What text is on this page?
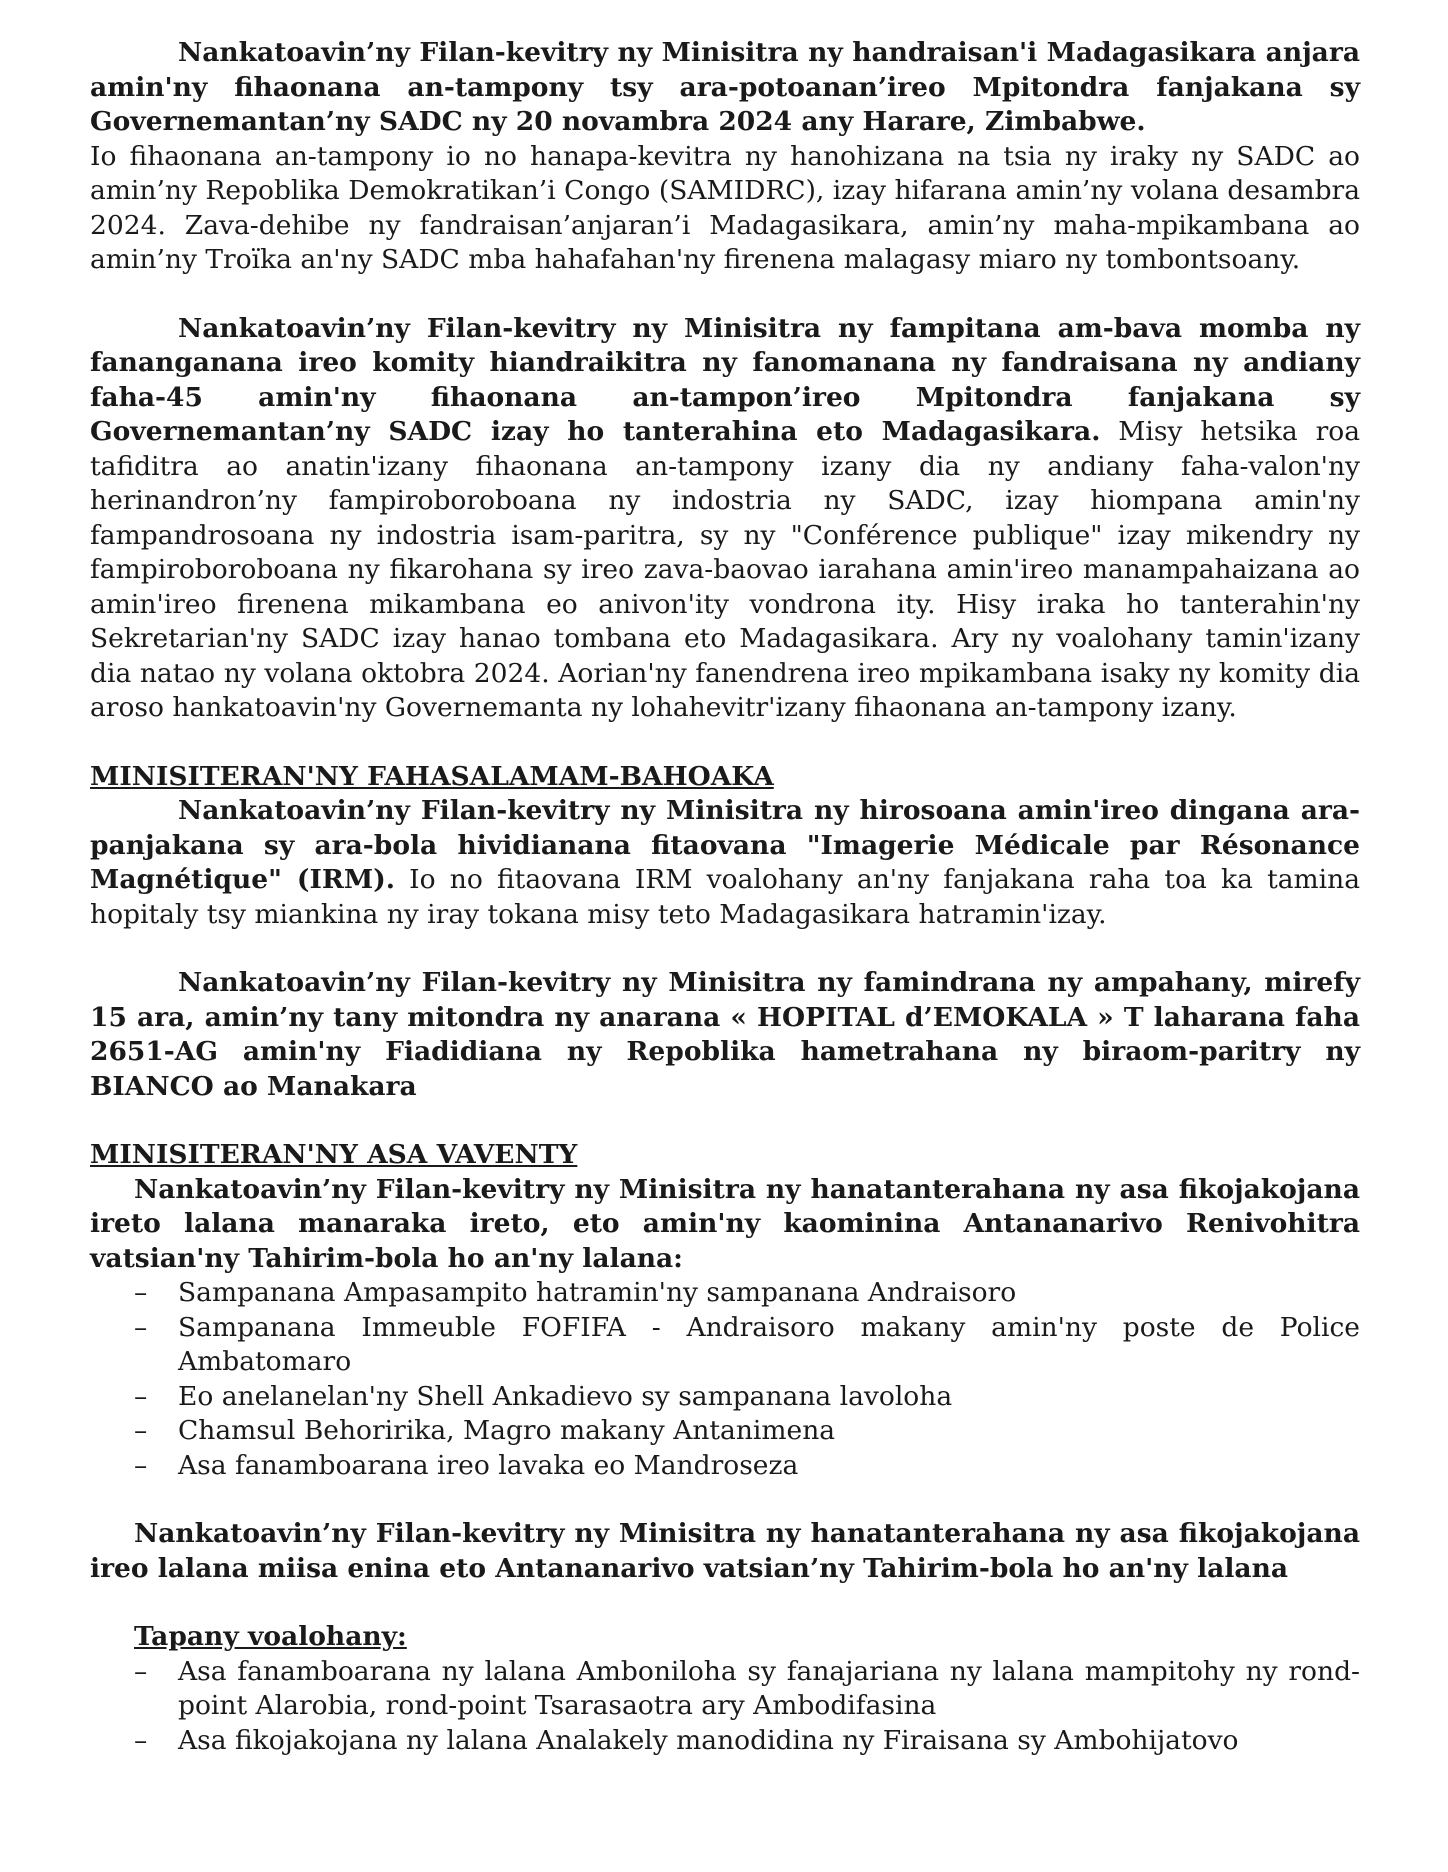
Nankatoavin’ny Filan-kevitry ny Minisitra ny handraisan'i Madagasikara anjara amin'ny fihaonana an-tampony tsy ara-potoanan’ireo Mpitondra fanjakana sy Governemantan’ny SADC ny 20 novambra 2024 any Harare, Zimbabwe.
Io fihaonana an-tampony io no hanapa-kevitra ny hanohizana na tsia ny iraky ny SADC ao amin’ny Repoblika Demokratikan’i Congo (SAMIDRC), izay hifarana amin’ny volana desambra 2024. Zava-dehibe ny fandraisan’anjaran’i Madagasikara, amin’ny maha-mpikambana ao amin’ny Troïka an'ny SADC mba hahafahan'ny firenena malagasy miaro ny tombontsoany.

Nankatoavin’ny Filan-kevitry ny Minisitra ny fampitana am-bava momba ny fananganana ireo komity hiandraikitra ny fanomanana ny fandraisana ny andiany faha-45 amin'ny fihaonana an-tampon’ireo Mpitondra fanjakana sy Governemantan’ny SADC izay ho tanterahina eto Madagasikara. Misy hetsika roa tafiditra ao anatin'izany fihaonana an-tampony izany dia ny andiany faha-valon'ny herinandron’ny fampiroboroboana ny indostria ny SADC, izay hiompana amin'ny fampandrosoana ny indostria isam-paritra, sy ny "Conférence publique" izay mikendry ny fampiroboroboana ny fikarohana sy ireo zava-baovao iarahana amin'ireo manampahaizana ao amin'ireo firenena mikambana eo anivon'ity vondrona ity. Hisy iraka ho tanterahin'ny Sekretarian'ny SADC izay hanao tombana eto Madagasikara. Ary ny voalohany tamin'izany dia natao ny volana oktobra 2024. Aorian'ny fanendrena ireo mpikambana isaky ny komity dia aroso hankatoavin'ny Governemanta ny lohahevitr'izany fihaonana an-tampony izany.

MINISITERAN'NY FAHASALAMAM-BAHOAKA

Nankatoavin’ny Filan-kevitry ny Minisitra ny hirosoana amin'ireo dingana ara-panjakana sy ara-bola hividianana fitaovana "Imagerie Médicale par Résonance Magnétique" (IRM). Io no fitaovana IRM voalohany an'ny fanjakana raha toa ka tamina hopitaly tsy miankina ny iray tokana misy teto Madagasikara hatramin'izay.

Nankatoavin’ny Filan-kevitry ny Minisitra ny famindrana ny ampahany, mirefy 15 ara, amin’ny tany mitondra ny anarana « HOPITAL d’EMOKALA » T laharana faha 2651-AG amin'ny Fiadidiana ny Repoblika hametrahana ny biraom-paritry ny BIANCO ao Manakara

MINISITERAN'NY ASA VAVENTY

Nankatoavin’ny Filan-kevitry ny Minisitra ny hanatanterahana ny asa fikojakojana ireto lalana manaraka ireto, eto amin'ny kaominina Antananarivo Renivohitra vatsian'ny Tahirim-bola ho an'ny lalana:

– Sampanana Ampasampito hatramin'ny sampanana Andraisoro
– Sampanana Immeuble FOFIFA - Andraisoro makany amin'ny poste de Police Ambatomaro
– Eo anelanelan'ny Shell Ankadievo sy sampanana lavoloha
– Chamsul Behoririka, Magro makany Antanimena
– Asa fanamboarana ireo lavaka eo Mandroseza

Nankatoavin’ny Filan-kevitry ny Minisitra ny hanatanterahana ny asa fikojakojana ireo lalana miisa enina eto Antananarivo vatsian’ny Tahirim-bola ho an'ny lalana

Tapany voalohany:

– Asa fanamboarana ny lalana Amboniloha sy fanajariana ny lalana mampitohy ny rond-point Alarobia, rond-point Tsarasaotra ary Ambodifasina
– Asa fikojakojana ny lalana Analakely manodidina ny Firaisana sy Ambohijatovo
